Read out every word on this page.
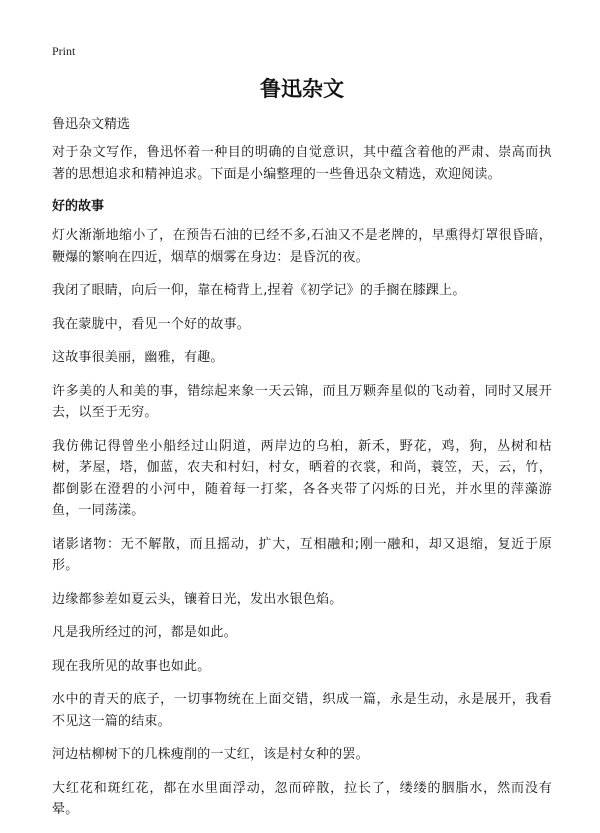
Print
鲁迅杂文

鲁迅杂文精选

对于杂文写作，鲁迅怀着一种目的明确的自觉意识，其中蕴含着他的严肃、崇高而执著的思想追求和精神追求。下面是小编整理的一些鲁迅杂文精选，欢迎阅读。

好的故事

灯火渐渐地缩小了，在预告石油的已经不多,石油又不是老牌的，早熏得灯罩很昏暗，鞭爆的繁响在四近，烟草的烟雾在身边：是昏沉的夜。

我闭了眼睛，向后一仰，靠在椅背上,捏着《初学记》的手搁在膝踝上。

我在蒙胧中，看见一个好的故事。

这故事很美丽，幽雅，有趣。

许多美的人和美的事，错综起来象一天云锦，而且万颗奔星似的飞动着，同时又展开去，以至于无穷。

我仿佛记得曾坐小船经过山阴道，两岸边的乌桕，新禾，野花，鸡，狗，丛树和枯树，茅屋，塔，伽蓝，农夫和村妇，村女，晒着的衣裳，和尚，蓑笠，天，云，竹，都倒影在澄碧的小河中，随着每一打桨，各各夹带了闪烁的日光，并水里的萍藻游鱼，一同荡漾。

诸影诸物：无不解散，而且摇动，扩大，互相融和;刚一融和，却又退缩，复近于原形。

边缘都参差如夏云头，镶着日光，发出水银色焰。

凡是我所经过的河，都是如此。

现在我所见的故事也如此。

水中的青天的底子，一切事物统在上面交错，织成一篇，永是生动，永是展开，我看不见这一篇的结束。

河边枯柳树下的几株瘦削的一丈红，该是村女种的罢。

大红花和斑红花，都在水里面浮动，忽而碎散，拉长了，缕缕的胭脂水，然而没有晕。
